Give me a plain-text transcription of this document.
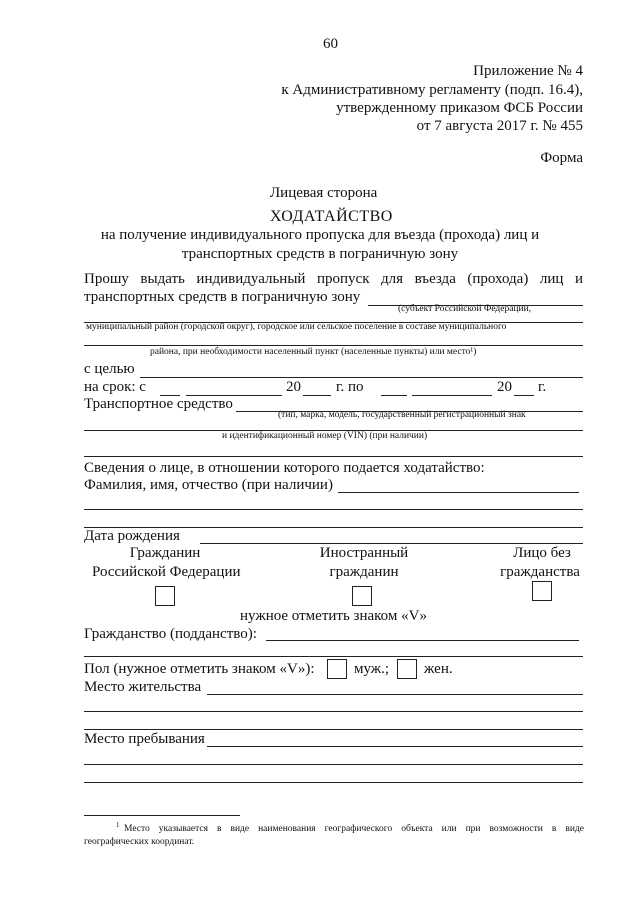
60
Приложение № 4
к Административному регламенту (подп. 16.4),
утвержденному приказом ФСБ России
от 7 августа 2017 г. № 455
Форма
Лицевая сторона
ХОДАТАЙСТВО
на получение индивидуального пропуска для въезда (прохода) лиц и
транспортных средств в пограничную зону
Прошу выдать индивидуальный пропуск для въезда (прохода) лиц и
транспортных средств в пограничную зону
(субъект Российской Федерации,
муниципальный район (городской округ), городское или сельское поселение в составе муниципального
района, при необходимости населенный пункт (населенные пункты) или место¹)
с целью
на срок: с	20 г. по	20 г.
Транспортное средство
(тип, марка, модель, государственный регистрационный знак
и идентификационный номер (VIN) (при наличии)
Сведения о лице, в отношении которого подается ходатайство:
Фамилия, имя, отчество (при наличии)
Дата рождения
Гражданин
Российской Федерации
Иностранный
гражданин
Лицо без
гражданства
нужное отметить знаком «V»
Гражданство (подданство):
Пол (нужное отметить знаком «V»):	муж.; жен.
Место жительства
Место пребывания
1 Место указывается в виде наименования географического объекта или при возможности в виде
географических координат.
